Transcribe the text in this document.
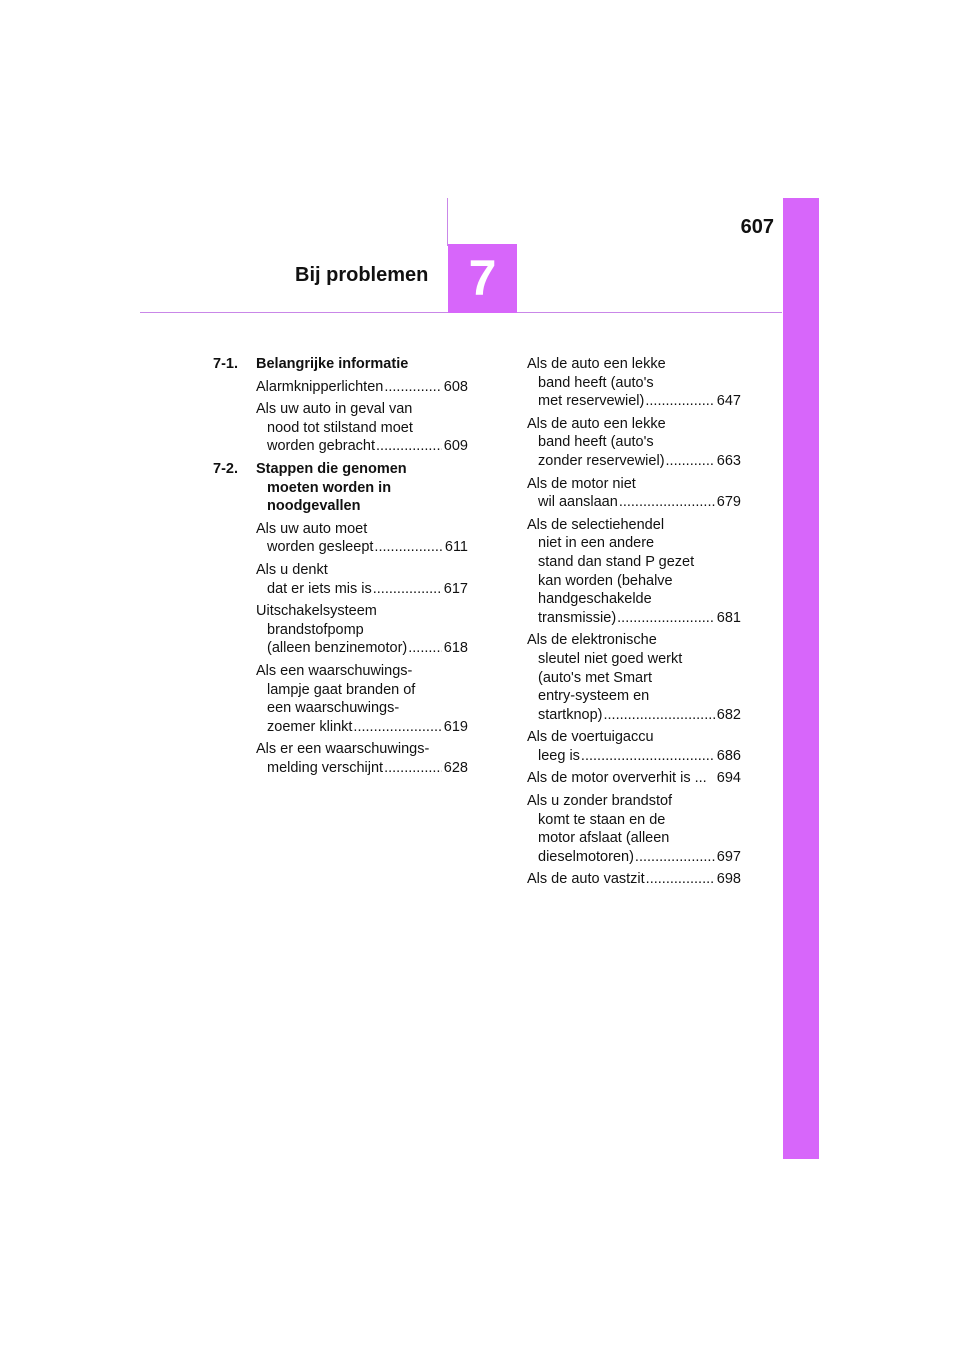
607
Bij problemen 7
7-1. Belangrijke informatie
Alarmknipperlichten .....	608
Als uw auto in geval van
nood tot stilstand moet
worden gebracht .....	609
7-2. Stappen die genomen
moeten worden in
noodgevallen
Als uw auto moet
worden gesleept .....	611
Als u denkt
dat er iets mis is .....	617
Uitschakelsysteem
brandstofpomp
(alleen benzinemotor) .....	618
Als een waarschuwings-
lampje gaat branden of
een waarschuwings-
zoemer klinkt .....	619
Als er een waarschuwings-
melding verschijnt .....	628
Als de auto een lekke
band heeft (auto's
met reservewiel) .....	647
Als de auto een lekke
band heeft (auto's
zonder reservewiel) .....	663
Als de motor niet
wil aanslaan .....	679
Als de selectiehendel
niet in een andere
stand dan stand P gezet
kan worden (behalve
handgeschakelde
transmissie) .....	681
Als de elektronische
sleutel niet goed werkt
(auto's met Smart
entry-systeem en
startknop) .....	682
Als de voertuigaccu
leeg is .....	686
Als de motor oververhit is ... 694
Als u zonder brandstof
komt te staan en de
motor afslaat (alleen
dieselmotoren) .....	697
Als de auto vastzit .....	698
